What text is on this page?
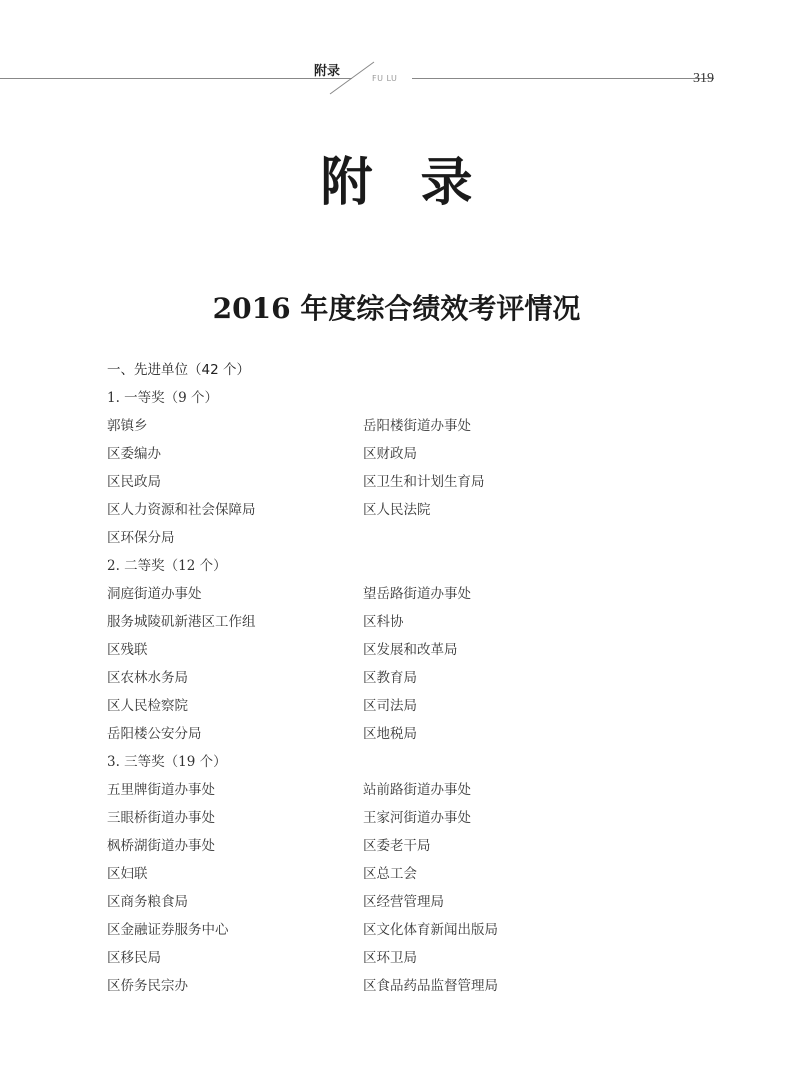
附录	FU LU	319
附录
2016 年度综合绩效考评情况
一、先进单位（42 个）
1. 一等奖（9 个）
郭镇乡	岳阳楼街道办事处
区委编办	区财政局
区民政局	区卫生和计划生育局
区人力资源和社会保障局	区人民法院
区环保分局
2. 二等奖（12 个）
洞庭街道办事处	望岳路街道办事处
服务城陵矶新港区工作组	区科协
区残联	区发展和改革局
区农林水务局	区教育局
区人民检察院	区司法局
岳阳楼公安分局	区地税局
3. 三等奖（19 个）
五里牌街道办事处	站前路街道办事处
三眼桥街道办事处	王家河街道办事处
枫桥湖街道办事处	区委老干局
区妇联	区总工会
区商务粮食局	区经营管理局
区金融证券服务中心	区文化体育新闻出版局
区移民局	区环卫局
区侨务民宗办	区食品药品监督管理局
